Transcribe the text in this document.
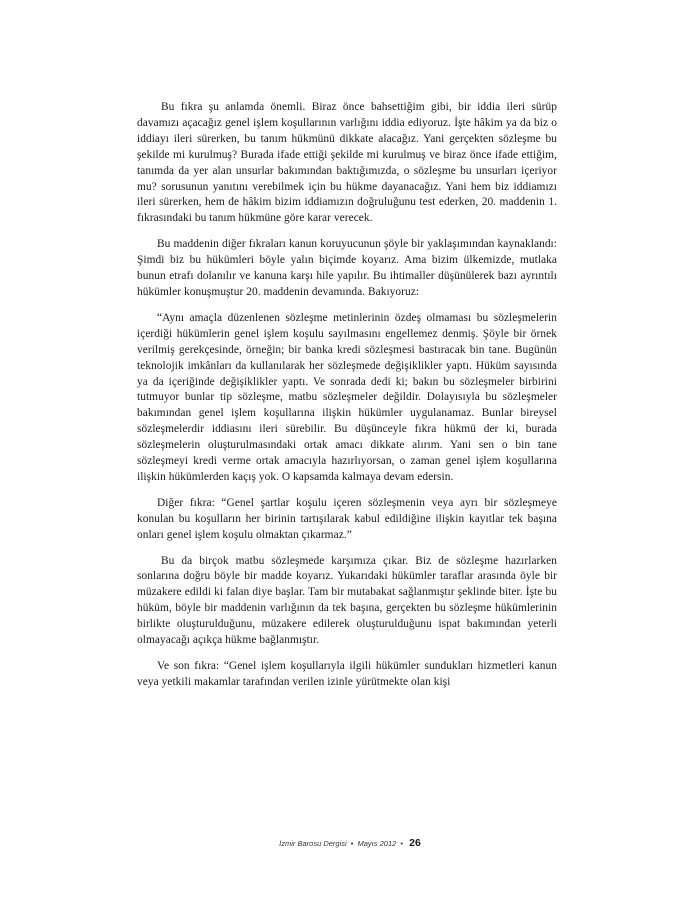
Bu fıkra şu anlamda önemli. Biraz önce bahsettiğim gibi, bir iddia ileri sürüp davamızı açacağız genel işlem koşullarının varlığını iddia ediyoruz. İşte hâkim ya da biz o iddiayı ileri sürerken, bu tanım hükmünü dikkate alacağız. Yani gerçekten sözleşme bu şekilde mi kurulmuş? Burada ifade ettiği şekilde mi kurulmuş ve biraz önce ifade ettiğim, tanımda da yer alan unsurlar bakımından baktığımızda, o sözleşme bu unsurları içeriyor mu? sorusunun yanıtını verebilmek için bu hükme dayanacağız. Yani hem biz iddiamızı ileri sürerken, hem de hâkim bizim iddiamızın doğruluğunu test ederken, 20. maddenin 1. fıkrasındaki bu tanım hükmüne göre karar verecek.

Bu maddenin diğer fıkraları kanun koruyucunun şöyle bir yaklaşımından kaynaklandı: Şimdi biz bu hükümleri böyle yalın biçimde koyarız. Ama bizim ülkemizde, mutlaka bunun etrafı dolanılır ve kanuna karşı hile yapılır. Bu ihtimaller düşünülerek bazı ayrıntılı hükümler konuşmuştur 20. maddenin devamında. Bakıyoruz:

“Aynı amaçla düzenlenen sözleşme metinlerinin özdeş olmaması bu sözleşmelerin içerdiği hükümlerin genel işlem koşulu sayılmasını engellemez denmiş. Şöyle bir örnek verilmiş gerekçesinde, örneğin; bir banka kredi sözleşmesi bastıracak bin tane. Bugünün teknolojik imkânları da kullanılarak her sözleşmede değişiklikler yaptı. Hüküm sayısında ya da içeriğinde değişiklikler yaptı. Ve sonrada dedi ki; bakın bu sözleşmeler birbirini tutmuyor bunlar tip sözleşme, matbu sözleşmeler değildir. Dolayısıyla bu sözleşmeler bakımından genel işlem koşullarına ilişkin hükümler uygulanamaz. Bunlar bireysel sözleşmelerdir iddiasını ileri sürebilir. Bu düşünceyle fıkra hükmü der ki, burada sözleşmelerin oluşturulmasındaki ortak amacı dikkate alırım. Yani sen o bin tane sözleşmeyi kredi verme ortak amacıyla hazırlıyorsan, o zaman genel işlem koşullarına ilişkin hükümlerden kaçış yok. O kapsamda kalmaya devam edersin.

Diğer fıkra: “Genel şartlar koşulu içeren sözleşmenin veya ayrı bir sözleşmeye konulan bu koşulların her birinin tartışılarak kabul edildiğine ilişkin kayıtlar tek başına onları genel işlem koşulu olmaktan çıkarmaz.”

Bu da birçok matbu sözleşmede karşımıza çıkar. Biz de sözleşme hazırlarken sonlarına doğru böyle bir madde koyarız. Yukarıdaki hükümler taraflar arasında öyle bir müzakere edildi ki falan diye başlar. Tam bir mutabakat sağlanmıştır şeklinde biter. İşte bu hüküm, böyle bir maddenin varlığının da tek başına, gerçekten bu sözleşme hükümlerinin birlikte oluşturulduğunu, müzakere edilerek oluşturulduğunu ispat bakımından yeterli olmayacağı açıkça hükme bağlanmıştır.

Ve son fıkra: “Genel işlem koşullarıyla ilgili hükümler sundukları hizmetleri kanun veya yetkili makamlar tarafından verilen izinle yürütmekte olan kişi

İzmir Barosu Dergisi • Mayıs 2012 • 26
